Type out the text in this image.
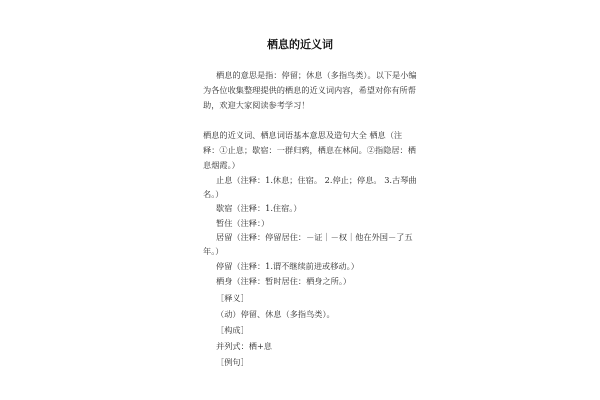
栖息的近义词
栖息的意思是指：停留；休息（多指鸟类）。以下是小编
为各位收集整理提供的栖息的近义词内容，希望对你有所帮
助，欢迎大家阅读参考学习！
栖息的近义词、栖息词语基本意思及造句大全 栖息（注
释：①止息；歇宿：一群归鸦，栖息在林间。②指隐居：栖
息烟霞。）
止息（注释：1.休息；住宿。 2.停止；停息。 3.古琴曲
名。）
歇宿（注释：1.住宿。）
暂住（注释：）
居留（注释：停留居住：－证｜－权｜他在外国－了五
年。）
停留（注释：1.谓不继续前进或移动。）
栖身（注释：暂时居住：栖身之所。）
［释义］
（动）停留、休息（多指鸟类）。
［构成］
并列式：栖+息
［例句］
